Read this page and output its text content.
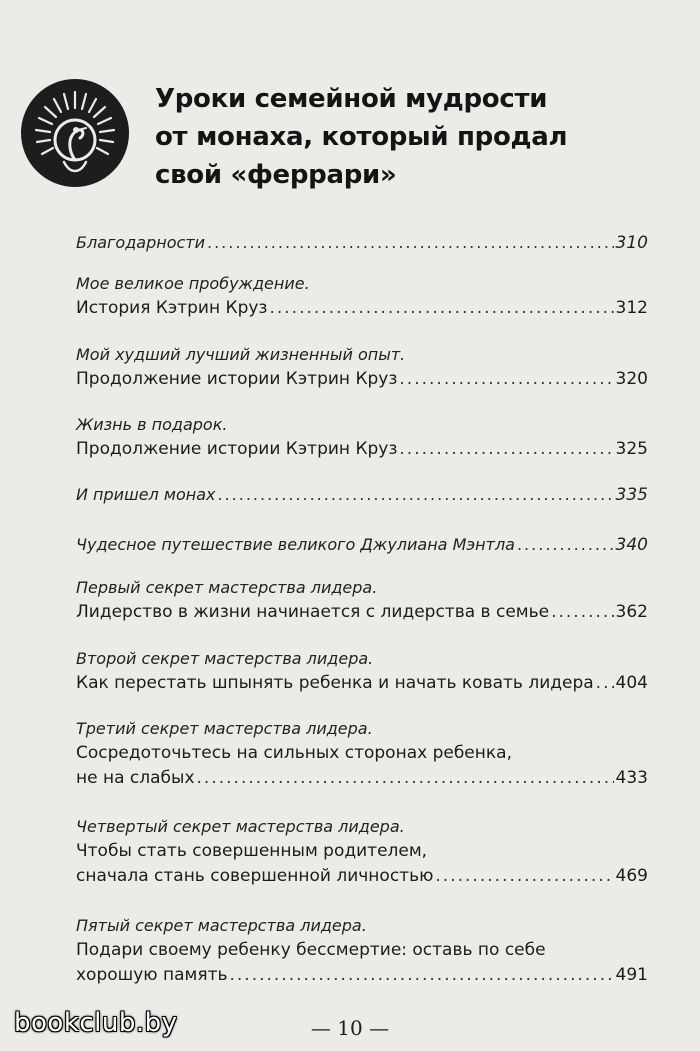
Уроки семейной мудрости
от монаха, который продал
свой «феррари»
Благодарности .....	310
Мое великое пробуждение.
История Кэтрин Круз .....	312
Мой худший лучший жизненный опыт.
Продолжение истории Кэтрин Круз .....	320
Жизнь в подарок.
Продолжение истории Кэтрин Круз .....	325
И пришел монах .....	335
Чудесное путешествие великого Джулиана Мэнтла .....	340
Первый секрет мастерства лидера.
Лидерство в жизни начинается с лидерства в семье .....	362
Второй секрет мастерства лидера.
Как перестать шпынять ребенка и начать ковать лидера ..... 404
Третий секрет мастерства лидера.
Сосредоточьтесь на сильных сторонах ребенка,
не на слабых .....	433
Четвертый секрет мастерства лидера.
Чтобы стать совершенным родителем,
сначала стань совершенной личностью .....	469
Пятый секрет мастерства лидера.
Подари своему ребенку бессмертие: оставь по себе
хорошую память .....	491
bookclub.by	— 10 —
